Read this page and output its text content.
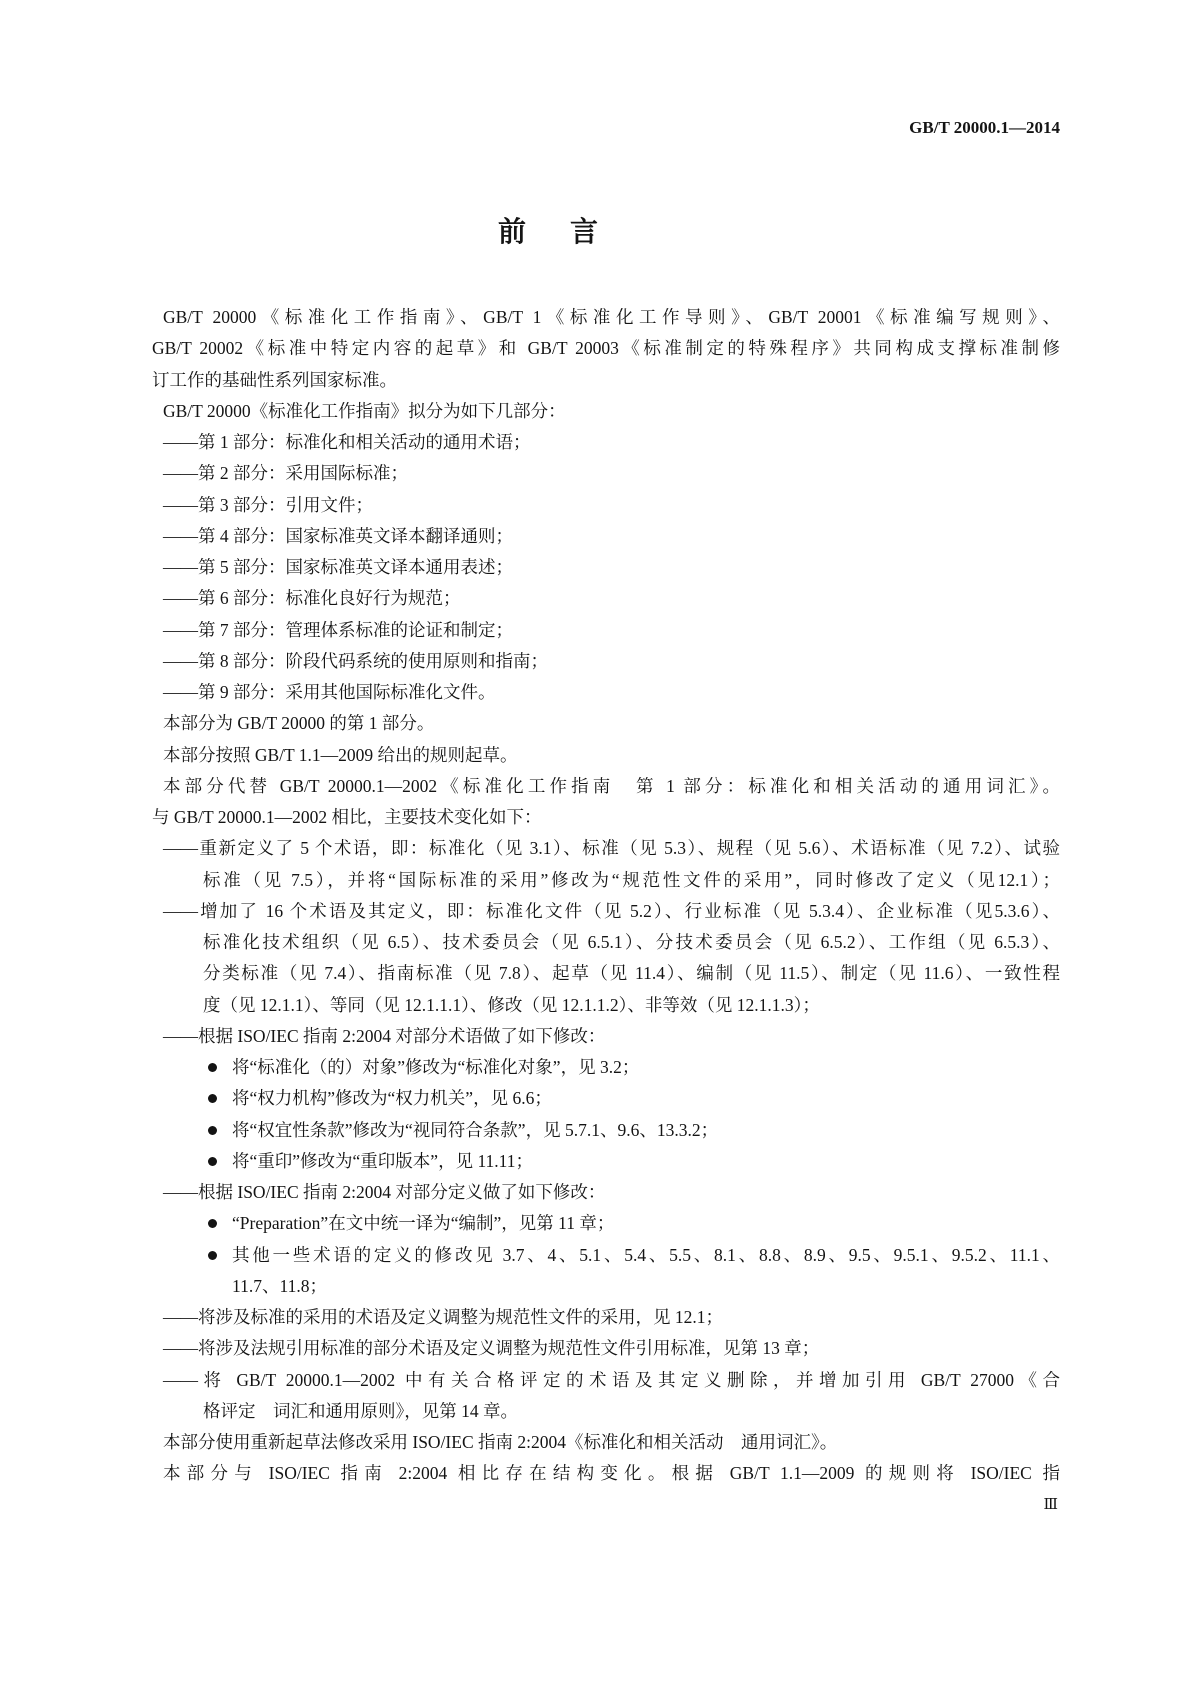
GB/T 20000.1—2014
前　言
GB/T 20000《标准化工作指南》、GB/T 1《标准化工作导则》、GB/T 20001《标准编写规则》、
GB/T 20002《标准中特定内容的起草》和 GB/T 20003《标准制定的特殊程序》共同构成支撑标准制修
订工作的基础性系列国家标准。
GB/T 20000《标准化工作指南》拟分为如下几部分：
——第 1 部分：标准化和相关活动的通用术语；
——第 2 部分：采用国际标准；
——第 3 部分：引用文件；
——第 4 部分：国家标准英文译本翻译通则；
——第 5 部分：国家标准英文译本通用表述；
——第 6 部分：标准化良好行为规范；
——第 7 部分：管理体系标准的论证和制定；
——第 8 部分：阶段代码系统的使用原则和指南；
——第 9 部分：采用其他国际标准化文件。
本部分为 GB/T 20000 的第 1 部分。
本部分按照 GB/T 1.1—2009 给出的规则起草。
本部分代替 GB/T 20000.1—2002《标准化工作指南　第 1 部分：标准化和相关活动的通用词汇》。
与 GB/T 20000.1—2002 相比，主要技术变化如下：
——重新定义了 5 个术语，即：标准化（见 3.1）、标准（见 5.3）、规程（见 5.6）、术语标准（见 7.2）、试验
标准（见 7.5），并将“国际标准的采用”修改为“规范性文件的采用”，同时修改了定义（见12.1）；
——增加了 16 个术语及其定义，即：标准化文件（见 5.2）、行业标准（见 5.3.4）、企业标准（见5.3.6）、
标准化技术组织（见 6.5）、技术委员会（见 6.5.1）、分技术委员会（见 6.5.2）、工作组（见 6.5.3）、
分类标准（见 7.4）、指南标准（见 7.8）、起草（见 11.4）、编制（见 11.5）、制定（见 11.6）、一致性程
度（见 12.1.1）、等同（见 12.1.1.1）、修改（见 12.1.1.2）、非等效（见 12.1.1.3）；
——根据 ISO/IEC 指南 2:2004 对部分术语做了如下修改：
将“标准化（的）对象”修改为“标准化对象”，见 3.2；
将“权力机构”修改为“权力机关”，见 6.6；
将“权宜性条款”修改为“视同符合条款”，见 5.7.1、9.6、13.3.2；
将“重印”修改为“重印版本”，见 11.11；
——根据 ISO/IEC 指南 2:2004 对部分定义做了如下修改：
“Preparation”在文中统一译为“编制”，见第 11 章；
其他一些术语的定义的修改见 3.7、4、5.1、5.4、5.5、8.1、8.8、8.9、9.5、9.5.1、9.5.2、11.1、
11.7、11.8；
——将涉及标准的采用的术语及定义调整为规范性文件的采用，见 12.1；
——将涉及法规引用标准的部分术语及定义调整为规范性文件引用标准，见第 13 章；
——将 GB/T 20000.1—2002 中有关合格评定的术语及其定义删除，并增加引用 GB/T 27000《合
格评定　词汇和通用原则》，见第 14 章。
本部分使用重新起草法修改采用 ISO/IEC 指南 2:2004《标准化和相关活动　通用词汇》。
本部分与 ISO/IEC 指南 2:2004 相比存在结构变化。根据 GB/T 1.1—2009 的规则将 ISO/IEC 指
Ⅲ
